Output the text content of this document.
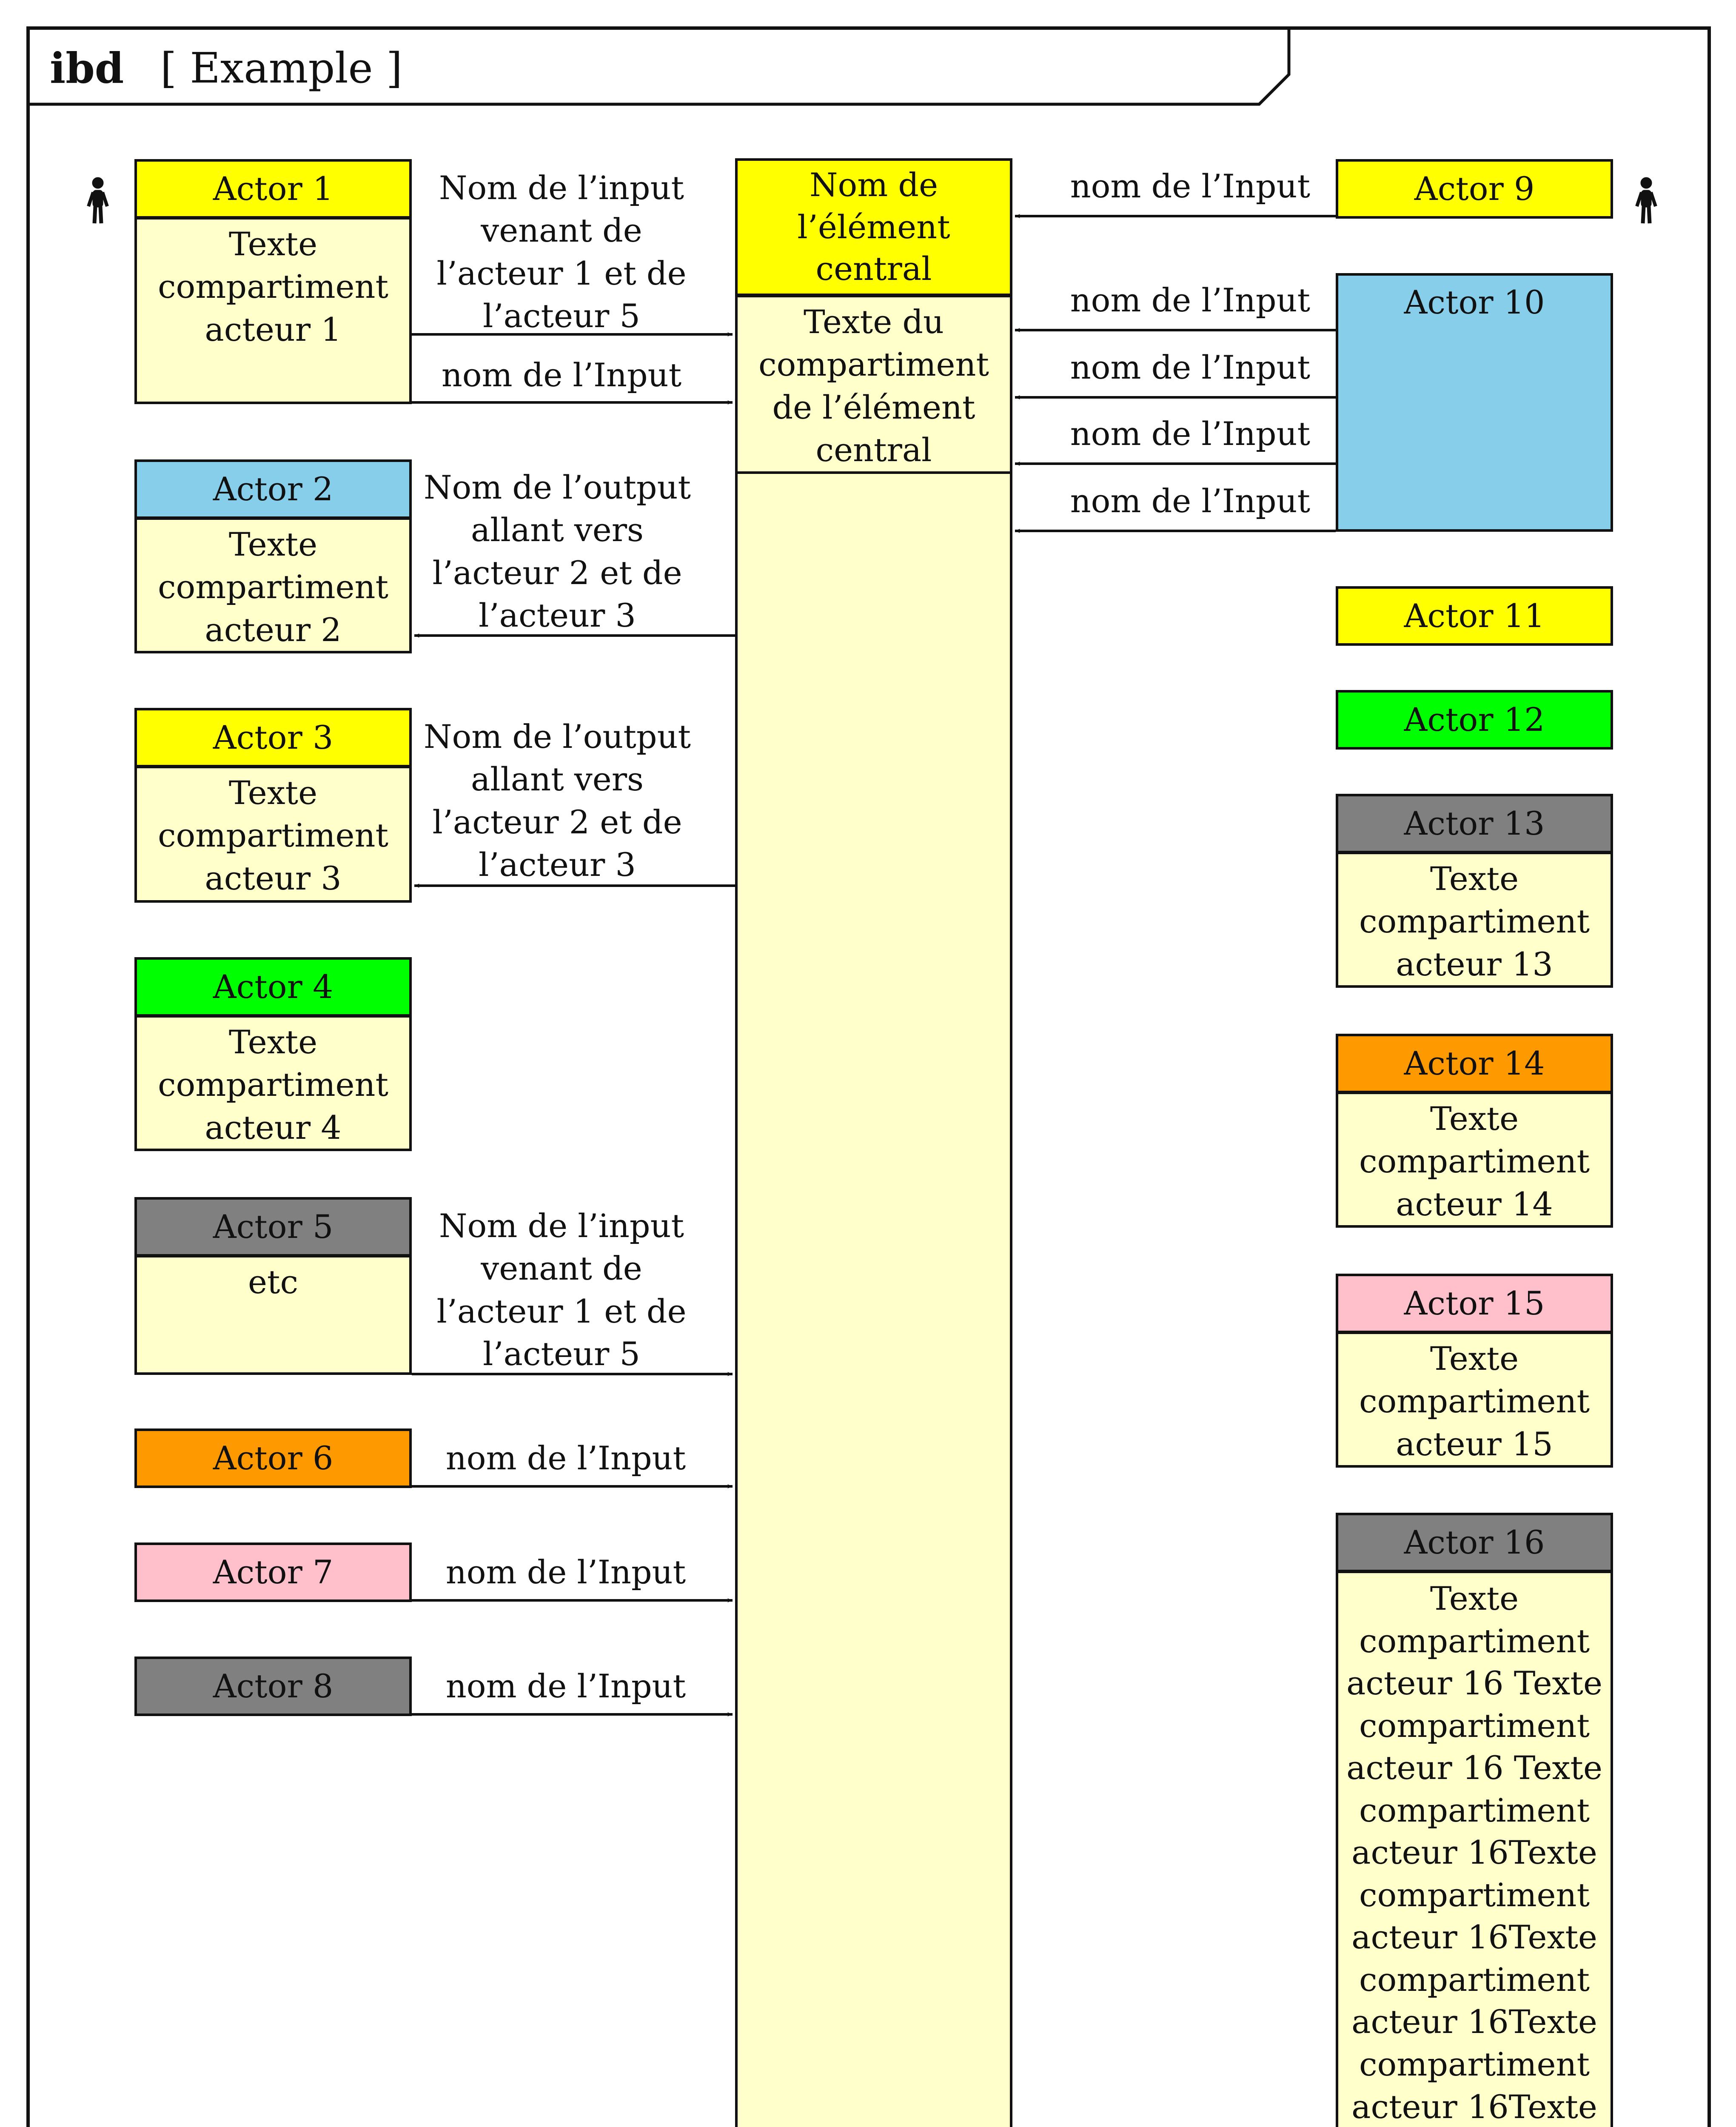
ibd [ Example ]
Nom de l’élément central
Texte du compartiment de l’élément central
Actor 1
Texte compartiment acteur 1
Actor 2
Texte compartiment acteur 2
Actor 3
Texte compartiment acteur 3
Actor 4
Texte compartiment acteur 4
Actor 5
etc
Actor 6
Actor 7
Actor 8
Actor 9
Actor 10
Actor 11
Actor 12
Actor 13
Texte compartiment acteur 13
Actor 14
Texte compartiment acteur 14
Actor 15
Texte compartiment acteur 15
Actor 16
Texte compartiment acteur 16 Texte compartiment acteur 16 Texte compartiment acteur 16Texte compartiment acteur 16Texte compartiment acteur 16Texte compartiment acteur 16Texte
Nom de l’input venant de l’acteur 1 et de l’acteur 5
nom de l’Input
Nom de l’output allant vers l’acteur 2 et de l’acteur 3
Nom de l’output allant vers l’acteur 2 et de l’acteur 3
Nom de l’input venant de l’acteur 1 et de l’acteur 5
nom de l’Input
nom de l’Input
nom de l’Input
nom de l’Input
nom de l’Input
nom de l’Input
nom de l’Input
nom de l’Input
